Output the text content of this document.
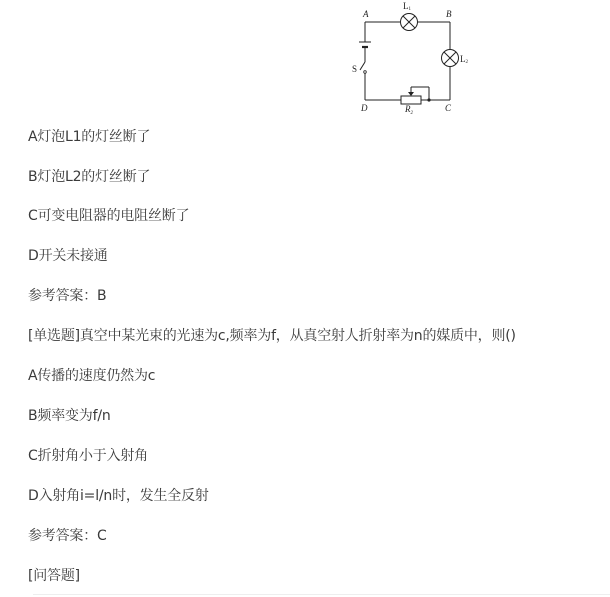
A	B
C
D	$R_2$
L1
L2
S
A灯泡L1的灯丝断了
B灯泡L2的灯丝断了
C可变电阻器的电阻丝断了
D开关未接通
参考答案：B
[单选题]真空中某光束的光速为c,频率为f，从真空射人折射率为n的媒质中，则()
A传播的速度仍然为c
B频率变为f/n
C折射角小于入射角
D入射角i=l/n时，发生全反射
参考答案：C
[问答题]
